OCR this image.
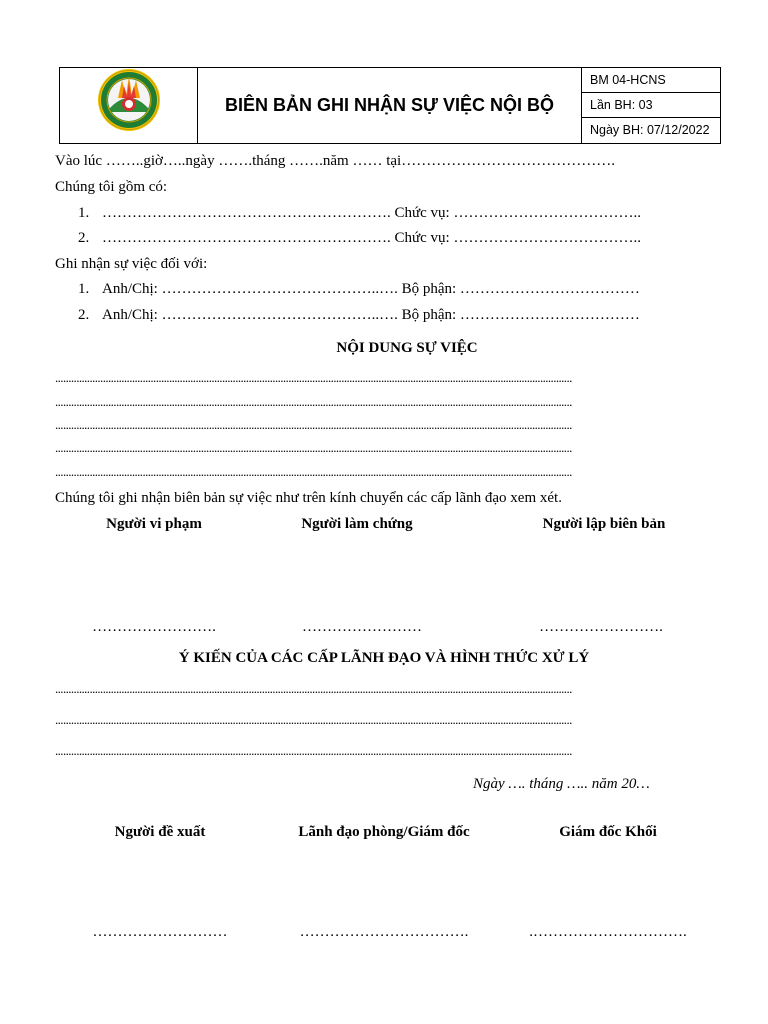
BIÊN BẢN GHI NHẬN SỰ VIỆC NỘI BỘ
BM 04-HCNS
Lần BH: 03
Ngày BH: 07/12/2022
Vào lúc ……..giờ…..ngày …….tháng …….năm …… tại…………………………………….
Chúng tôi gồm có:
1. …………………………………………………. Chức vụ: ………………………………..
2. …………………………………………………. Chức vụ: ………………………………..
Ghi nhận sự việc đối với:
1. Anh/Chị: ……………………………………..…. Bộ phận: ………………………………
2. Anh/Chị: ……………………………………..…. Bộ phận: ………………………………
NỘI DUNG SỰ VIỆC
...................................................................................................................................................................................................
...................................................................................................................................................................................................
...................................................................................................................................................................................................
...................................................................................................................................................................................................
...................................................................................................................................................................................................
Chúng tôi ghi nhận biên bản sự việc như trên kính chuyển các cấp lãnh đạo xem xét.
Người vi phạm	Người làm chứng	Người lập biên bản
…………………….	……………………	…………………….
Ý KIẾN CỦA CÁC CẤP LÃNH ĐẠO VÀ HÌNH THỨC XỬ LÝ
...................................................................................................................................................................................................
...................................................................................................................................................................................................
...................................................................................................................................................................................................
Ngày …. tháng ….. năm 20…
Người đề xuất	Lãnh đạo phòng/Giám đốc	Giám đốc Khối
………………………	…………………………….	.………………………….
